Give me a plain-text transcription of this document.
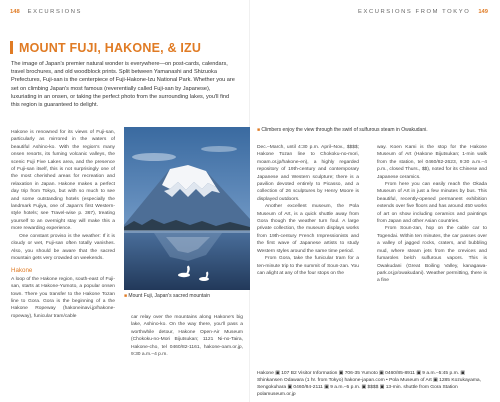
148 EXCURSIONS	EXCURSIONS FROM TOKYO 149
MOUNT FUJI, HAKONE, & IZU
The image of Japan's premier natural wonder is everywhere—on post-cards, calendars, travel brochures, and old woodblock prints. Split between Yamanashi and Shizuoka Prefectures, Fuji-san is the centerpiece of Fuji-Hakone-Izu National Park. Whether you are set on climbing Japan's most famous (reverentially called Fuji-san by Japanese), luxuriating in an onsen, or taking the perfect photo from the surrounding lakes, you'll find this region is guaranteed to delight.

Hakone is renowned for its views of Fuji-san, particularly as mirrored in the waters of beautiful Ashino-ko. With the region's many onsen resorts, its fuming volcanic valleys, the scenic Fuji Five Lakes area, and the presence of Fuji-san itself, this is not surprisingly one of the most cherished areas for recreation and relaxation in Japan. Hakone makes a perfect day trip from Tokyo, but with so much to see and some outstanding hotels (especially the landmark Fujiya, one of Japan's first Western-style hotels; see Travel-wise p. 367), treating yourself to an overnight stay will make this a more rewarding experience.

One constant proviso is the weather: If it is cloudy or wet, Fuji-san often totally vanishes. Also, you should be aware that the sacred mountain gets very crowded on weekends.

Hakone

A loop of the Hakone region, south-east of Fuji-san, starts at Hakone-Yumoto, a popular onsen town. There you transfer to the Hakone Tozan line to Gora. Gora is the beginning of a the Hakone Ropeway (hakoneinavi.jp/hakone-ropeway), funicular tram/cable

■ Mount Fuji, Japan's sacred mountain

car relay over the mountains along Hakone's big lake, Ashino-ko. On the way there, you'll pass a worthwhile detour, Hakone Open-Air Museum (Chokoku-no-Mori Bijutsukan; 1121 Ni-no-Taira, Hakone-cho, tel 0460/82-1161, hakone-oam.or.jp, 9:30 a.m.–4 p.m.

■ Climbers enjoy the view through the swirl of sulfurous steam in Owakudani.

Dec.–March, until 4:30 p.m. April–Nov., $$$$; Hakone Tozan line to Chokoku-no-mori, moam.or.jp/hakone-en), a highly regarded repository of 19th-century and contemporary Japanese and Western sculpture; there is a pavilion devoted entirely to Picasso, and a collection of 26 sculptures by Henry Moore is displayed outdoors.

Another excellent museum, the Pola Museum of Art, is a quick shuttle away from Gora though the weather turn foul. A large private collection, the museum displays works from 19th-century French Impressionists and the first wave of Japanese artists to study Western styles around the same time period.

From Gora, take the funicular tram for a ten-minute trip to the summit of Soun-zan. You can alight at any of the four stops on the

way. Koen Kami is the stop for the Hakone Museum of Art (Hakone Bijutsukan; 1-min walk from the station, tel 0460/82-2623, 9:30 a.m.–4 p.m., closed Thurs., $$), noted for its Chinese and Japanese ceramics.

From here you can easily reach the Okada Museum of Art in just a few minutes by bus. This beautiful, recently-opened permanent exhibition extends over five floors and has around 450 works of art on show including ceramics and paintings from Japan and other Asian countries.

From Soun-zan, hop on the cable car to Togendai. Within ten minutes, the car passes over a valley of jagged rocks, craters, and bubbling mud, where steam jets from the crevices and fumaroles belch sulfurous vapors. This is Owakudani (Great Boiling Valley, kanagawa-park.or.jp/owakudani). Weather permitting, there is a fine

Hakone ▣ 107 B2 Visitor Information ▣ 706-35 Yumoto ▣ 0460/85-8911 ▣ 9 a.m.–5:45 p.m. ▣ Shinkansen Odawara (1 hr. from Tokyo) hakone-japan.com • Pola Museum of Art ▣ 1285 Kozukayama, Sengokuhara ▣ 0460/84-2111 ▣ 9 a.m.–5 p.m. ▣ $$$$ ▣ 13-min. shuttle from Gora Station polamuseum.or.jp
